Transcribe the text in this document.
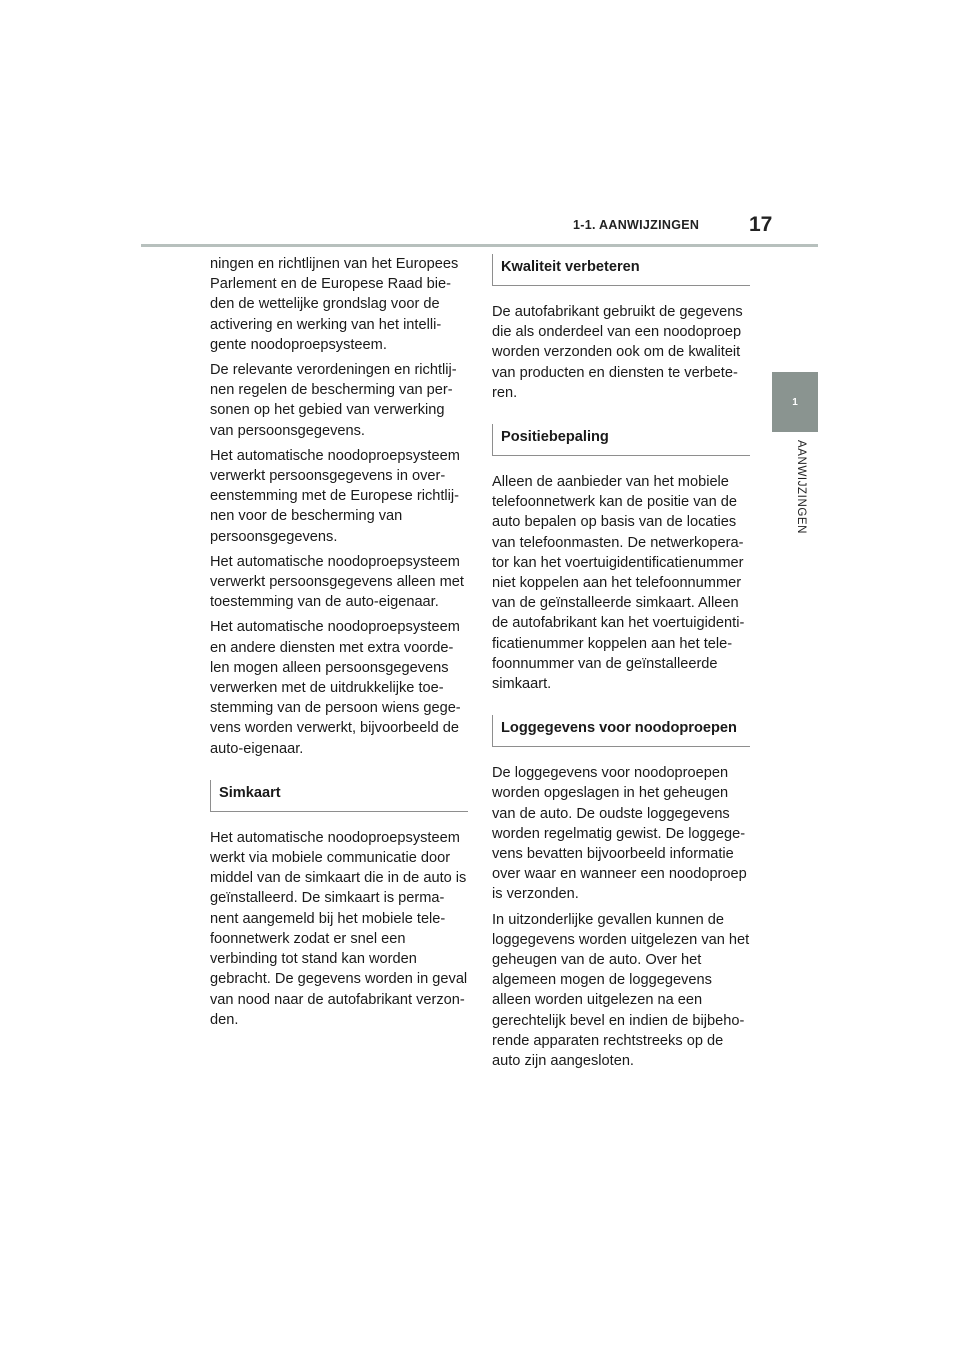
1-1. AANWIJZINGEN 17
1
AANWIJZINGEN

ningen en richtlijnen van het Europees Parlement en de Europese Raad bie-den de wettelijke grondslag voor de activering en werking van het intelli-gente noodoproepsysteem.

De relevante verordeningen en richtlij-nen regelen de bescherming van per-sonen op het gebied van verwerking van persoonsgegevens.

Het automatische noodoproepsysteem verwerkt persoonsgegevens in over-eenstemming met de Europese richtlij-nen voor de bescherming van persoonsgegevens.

Het automatische noodoproepsysteem verwerkt persoonsgegevens alleen met toestemming van de auto-eigenaar.

Het automatische noodoproepsysteem en andere diensten met extra voorde-len mogen alleen persoonsgegevens verwerken met de uitdrukkelijke toe-stemming van de persoon wiens gege-vens worden verwerkt, bijvoorbeeld de auto-eigenaar.

Simkaart

Het automatische noodoproepsysteem werkt via mobiele communicatie door middel van de simkaart die in de auto is geïnstalleerd. De simkaart is perma-nent aangemeld bij het mobiele tele-foonnetwerk zodat er snel een verbinding tot stand kan worden gebracht. De gegevens worden in geval van nood naar de autofabrikant verzon-den.

Kwaliteit verbeteren

De autofabrikant gebruikt de gegevens die als onderdeel van een noodoproep worden verzonden ook om de kwaliteit van producten en diensten te verbete-ren.

Positiebepaling

Alleen de aanbieder van het mobiele telefoonnetwerk kan de positie van de auto bepalen op basis van de locaties van telefoonmasten. De netwerkopera-tor kan het voertuigidentificatienummer niet koppelen aan het telefoonnummer van de geïnstalleerde simkaart. Alleen de autofabrikant kan het voertuigidenti-ficatienummer koppelen aan het tele-foonnummer van de geïnstalleerde simkaart.

Loggegevens voor noodoproepen

De loggegevens voor noodoproepen worden opgeslagen in het geheugen van de auto. De oudste loggegevens worden regelmatig gewist. De loggege-vens bevatten bijvoorbeeld informatie over waar en wanneer een noodoproep is verzonden.

In uitzonderlijke gevallen kunnen de loggegevens worden uitgelezen van het geheugen van de auto. Over het algemeen mogen de loggegevens alleen worden uitgelezen na een gerechtelijk bevel en indien de bijbeho-rende apparaten rechtstreeks op de auto zijn aangesloten.
